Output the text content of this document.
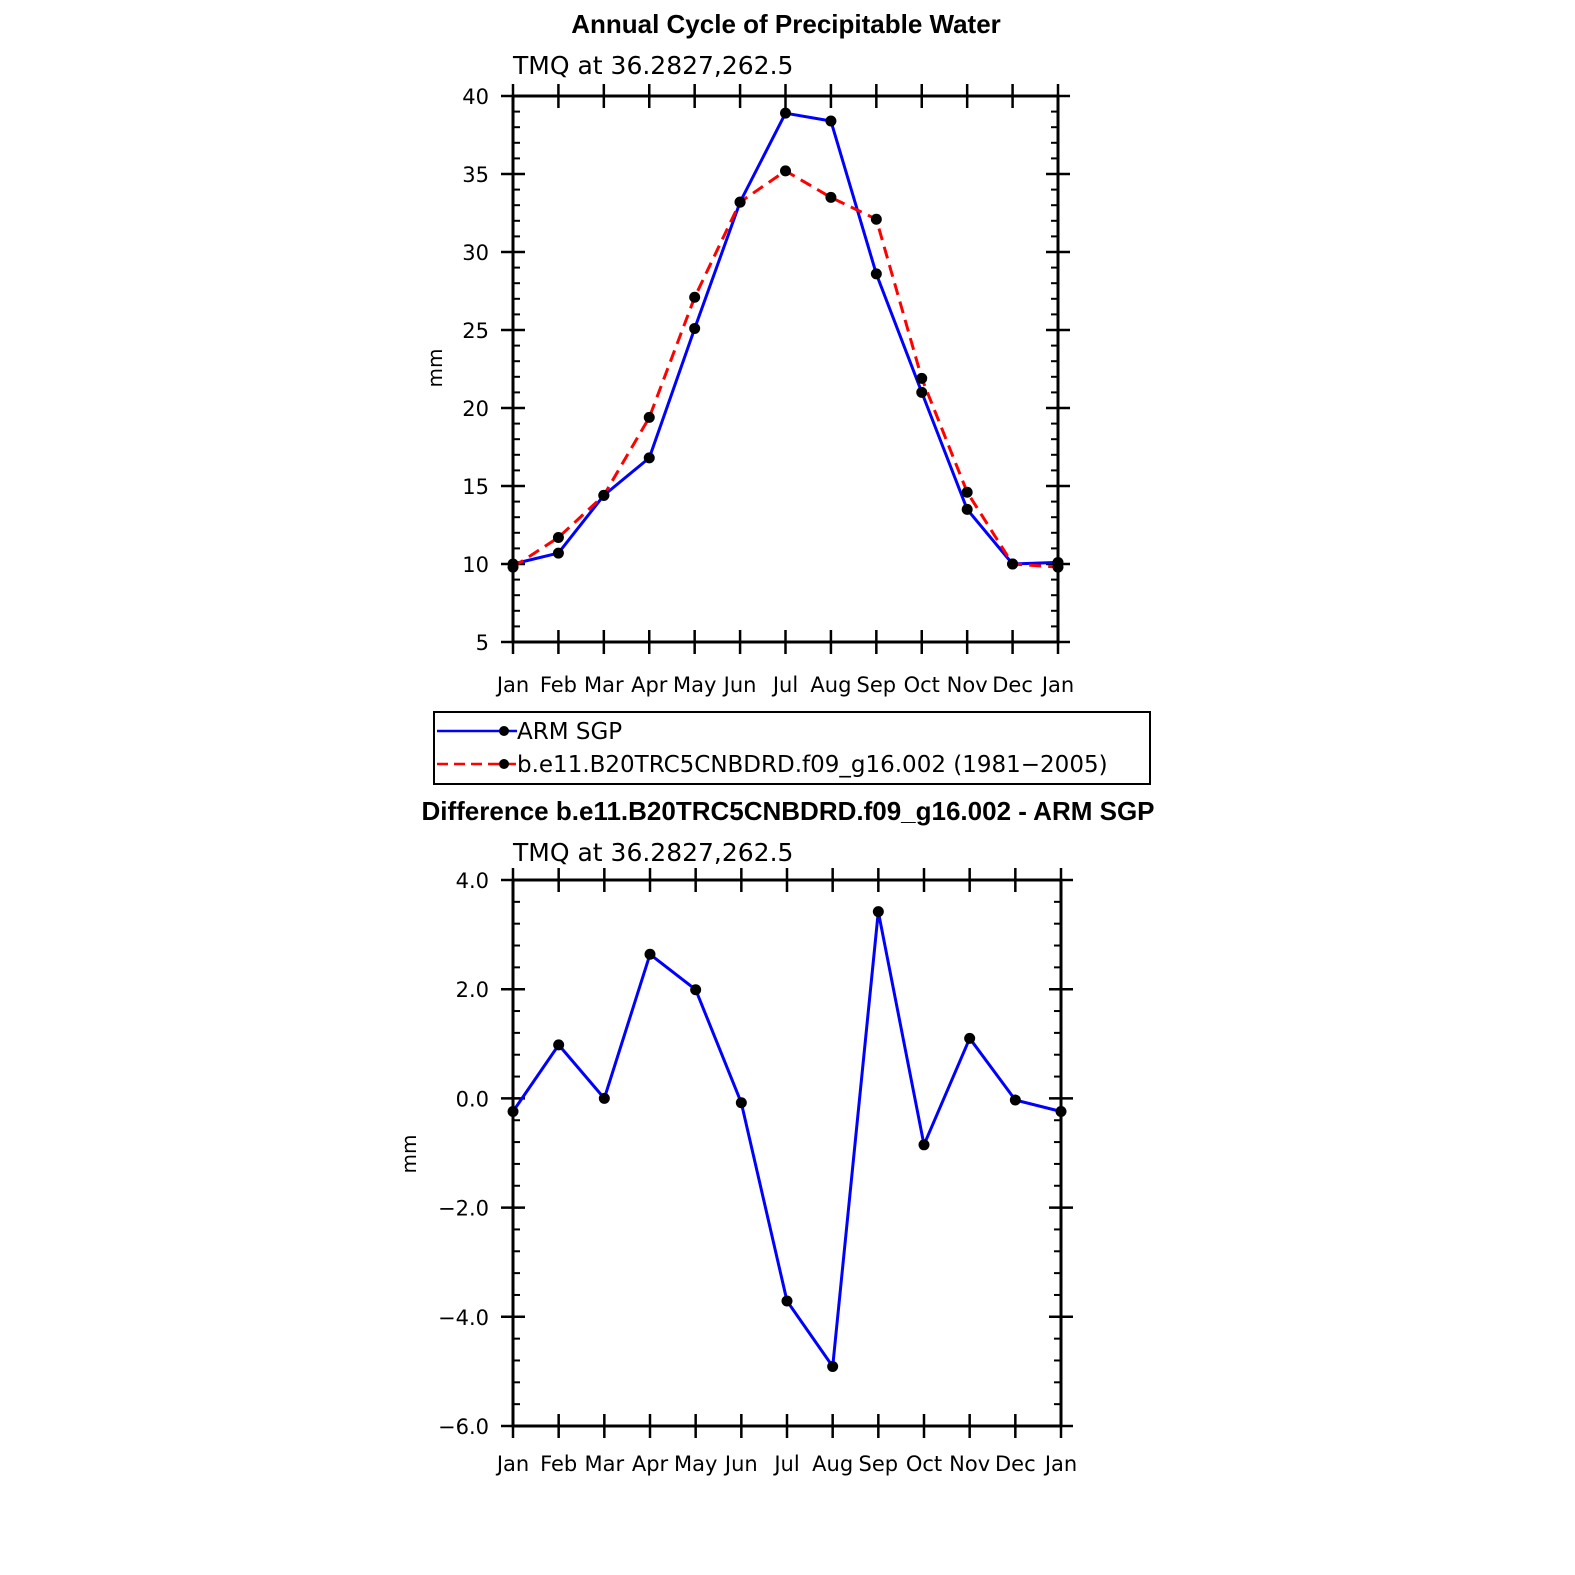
Annual Cycle of Precipitable Water
TMQ at 36.2827,262.5
mm
Jan Feb Mar Apr May Jun Jul Aug Sep Oct Nov Dec Jan
5
10
15
20
25
30
35
40
ARM SGP
b.e11.B20TRC5CNBDRD.f09_g16.002 (1981−2005)
Difference b.e11.B20TRC5CNBDRD.f09_g16.002 - ARM SGP
TMQ at 36.2827,262.5
mm
Jan Feb Mar Apr May Jun Jul Aug Sep Oct Nov Dec Jan
−6.0
−4.0
−2.0
0.0
2.0
4.0
